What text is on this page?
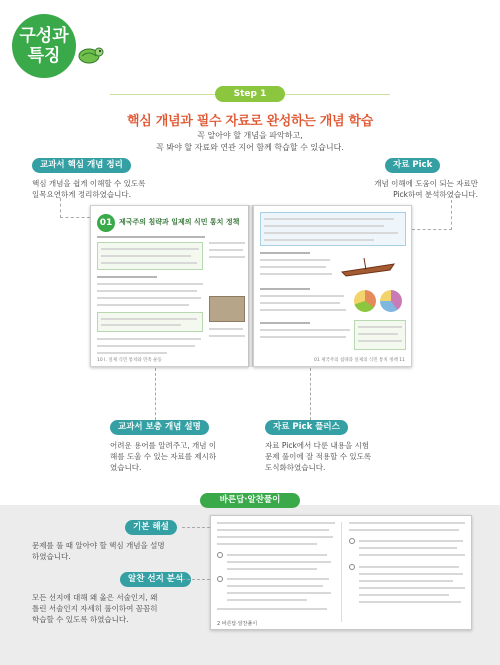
구성과
특징
Step 1
핵심 개념과 필수 자료로 완성하는 개념 학습
꼭 알아야 할 개념을 파악하고,
꼭 봐야 할 자료와 연관 지어 함께 학습할 수 있습니다.
교과서 핵심 개념 정리
핵심 개념을 쉽게 이해할 수 있도록
일목요연하게 정리하였습니다.
자료 Pick
개념 이해에 도움이 되는 자료만
Pick하여 분석하였습니다.
01 제국주의 침략과 일제의 식민 통치 정책
10 I. 일제 식민 통치와 민족 운동	01 제국주의 침략과 일제의 식민 통치 정책 11
교과서 보충 개념 설명
어려운 용어를 알려주고, 개념 이
해를 도울 수 있는 자료를 제시하
였습니다.
자료 Pick 플러스
자료 Pick에서 다룬 내용을 시험
문제 풀이에 잘 적용할 수 있도록
도식화하였습니다.
바른답·알찬풀이
기본 해설
문제를 풀 때 알아야 할 핵심 개념을 설명
하였습니다.
알찬 선지 분석
모든 선지에 대해 왜 옳은 서술인지, 왜
틀린 서술인지 자세히 풀이하여 꼼꼼히
학습할 수 있도록 하였습니다.	2 바른답·알찬풀이
